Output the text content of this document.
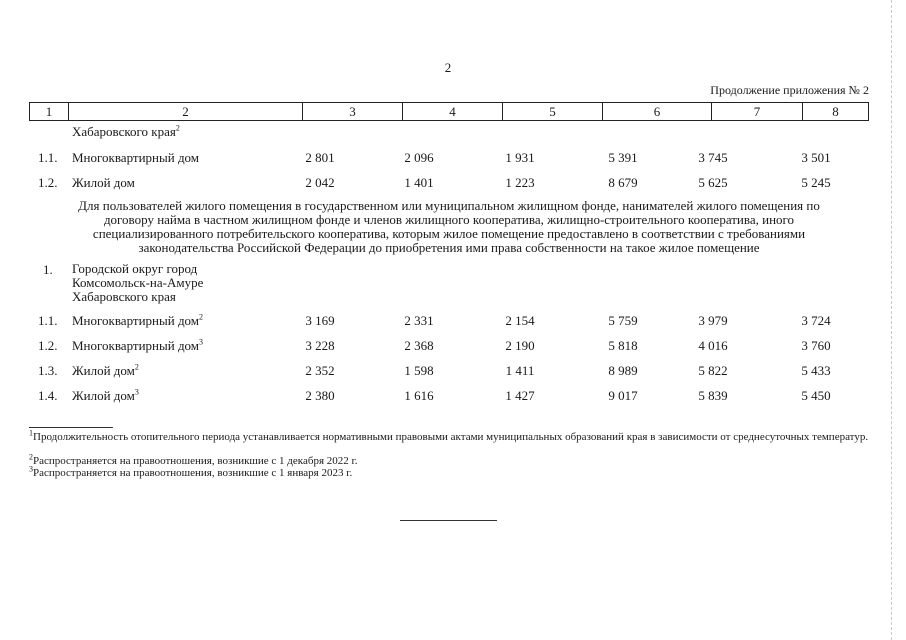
2
Продолжение приложения № 2
1	2	3	4	5	6	7	8
Хабаровского края$^2$
1.1. Многоквартирный дом	2 801	2 096	1 931	5 391	3 745	3 501
1.2. Жилой дом	2 042	1 401	1 223	8 679	5 625	5 245
Для пользователей жилого помещения в государственном или муниципальном жилищном фонде, нанимателей жилого помещения по договору найма в частном жилищном фонде и членов жилищного кооператива, жилищно-строительного кооператива, иного специализированного потребительского кооператива, которым жилое помещение предоставлено в соответствии с требованиями законодательства Российской Федерации до приобретения ими права собственности на такое жилое помещение
1. Городской округ город
Комсомольск-на-Амуре
Хабаровского края
1.1. Многоквартирный дом$^2$	3 169	2 331	2 154	5 759	3 979	3 724
1.2. Многоквартирный дом$^3$	3 228	2 368	2 190	5 818	4 016	3 760
1.3. Жилой дом$^2$	2 352	1 598	1 411	8 989	5 822	5 433
1.4. Жилой дом$^3$	2 380	1 616	1 427	9 017	5 839	5 450
$^1$Продолжительность отопительного периода устанавливается нормативными правовыми актами муниципальных образований края в зависимости от среднесуточных температур.
$^2$Распространяется на правоотношения, возникшие с 1 декабря 2022 г.
$^3$Распространяется на правоотношения, возникшие с 1 января 2023 г.
